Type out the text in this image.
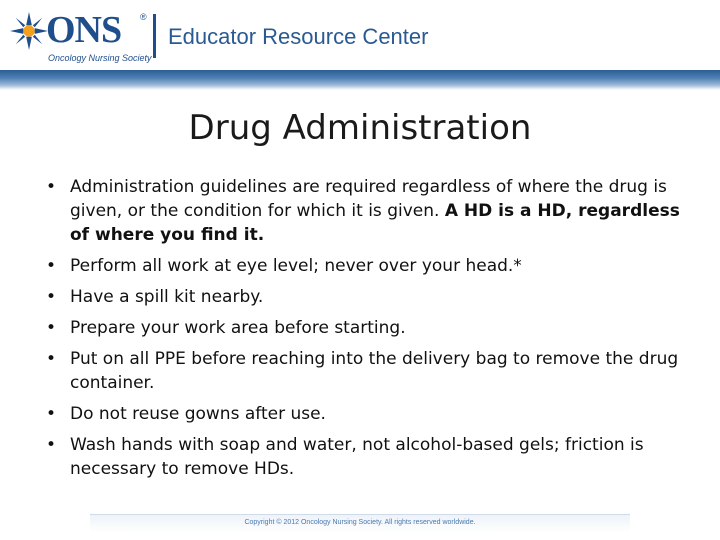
ONS ®
Oncology Nursing Society
Educator Resource Center
Drug Administration
• Administration guidelines are required regardless of where the drug is given, or the condition for which it is given. A HD is a HD, regardless of where you find it.
• Perform all work at eye level; never over your head.*
• Have a spill kit nearby.
• Prepare your work area before starting.
• Put on all PPE before reaching into the delivery bag to remove the drug container.
• Do not reuse gowns after use.
• Wash hands with soap and water, not alcohol-based gels; friction is necessary to remove HDs.
Copyright © 2012 Oncology Nursing Society. All rights reserved worldwide.
